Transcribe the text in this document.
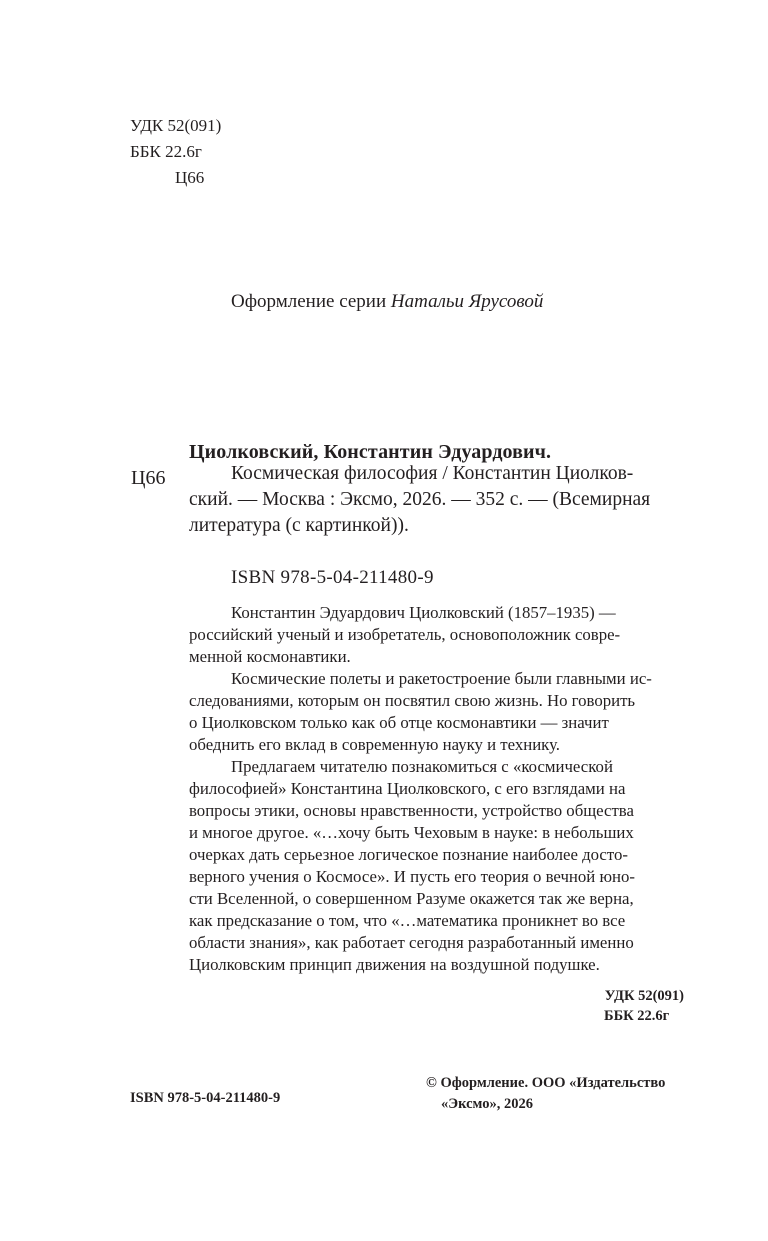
УДК 52(091)
ББК 22.6г
Ц66
Оформление серии Натальи Ярусовой
Циолковский, Константин Эдуардович.
Ц66	Космическая философия / Константин Циолков-
ский. — Москва : Эксмо, 2026. — 352 с. — (Всемирная
литература (с картинкой)).
ISBN 978-5-04-211480-9
Константин Эдуардович Циолковский (1857–1935) —
российский ученый и изобретатель, основоположник совре-
менной космонавтики.
Космические полеты и ракетостроение были главными ис-
следованиями, которым он посвятил свою жизнь. Но говорить
о Циолковском только как об отце космонавтики — значит
обеднить его вклад в современную науку и технику.
Предлагаем читателю познакомиться с «космической
философией» Константина Циолковского, с его взглядами на
вопросы этики, основы нравственности, устройство общества
и многое другое. «…хочу быть Чеховым в науке: в небольших
очерках дать серьезное логическое познание наиболее досто-
верного учения о Космосе». И пусть его теория о вечной юно-
сти Вселенной, о совершенном Разуме окажется так же верна,
как предсказание о том, что «…математика проникнет во все
области знания», как работает сегодня разработанный именно
Циолковским принцип движения на воздушной подушке.
УДК 52(091)
ББК 22.6г
ISBN 978-5-04-211480-9
© Оформление. ООО «Издательство
«Эксмо», 2026
